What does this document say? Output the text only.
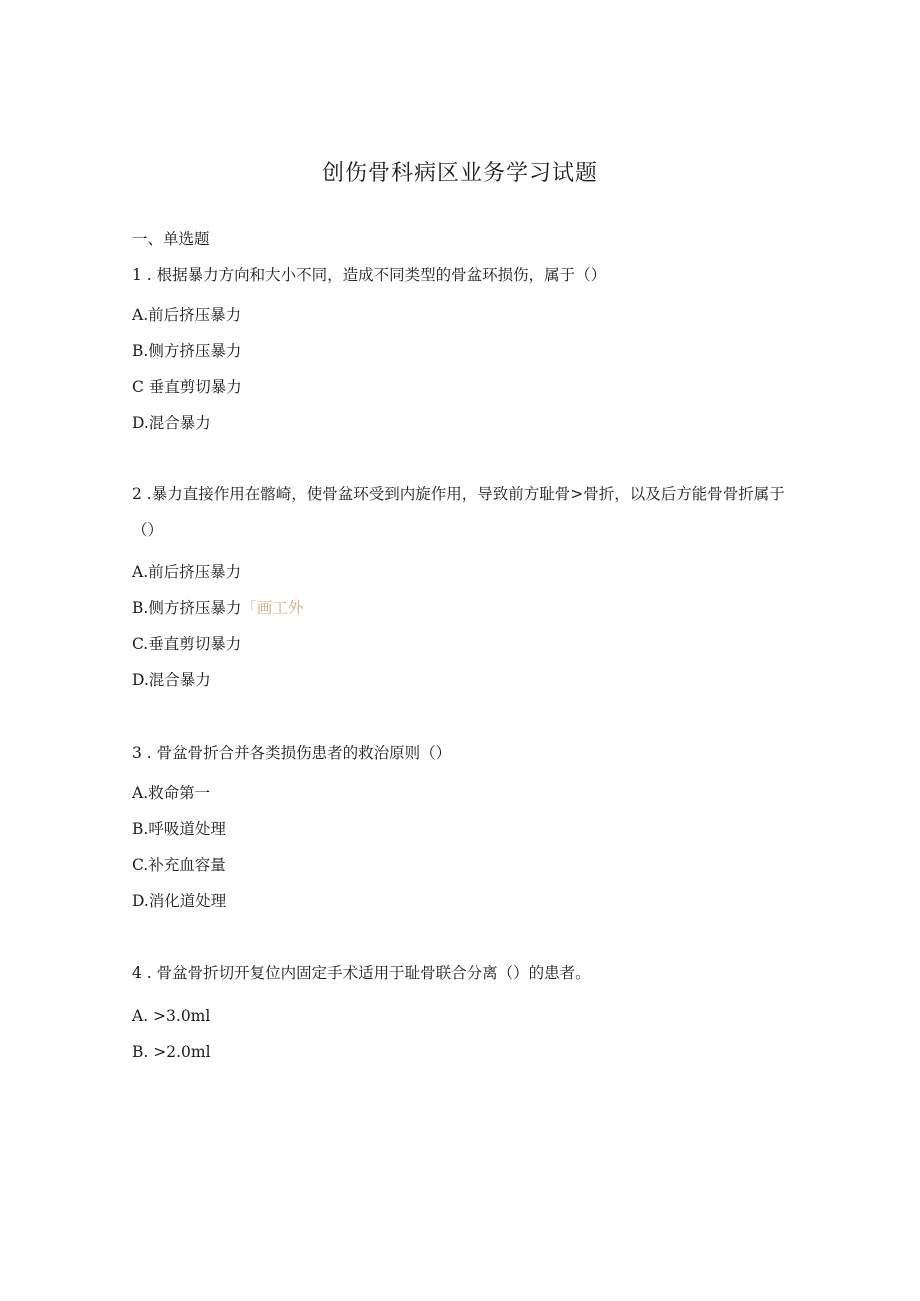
创伤骨科病区业务学习试题
一、单选题
1 . 根据暴力方向和大小不同，造成不同类型的骨盆环损伤，属于（）
A.前后挤压暴力
B.侧方挤压暴力
C 垂直剪切暴力
D.混合暴力
2 .暴力直接作用在髂崎，使骨盆环受到内旋作用，导致前方耻骨>骨折，以及后方能骨骨折属于（）
A.前后挤压暴力
B.侧方挤压暴力「画工外
C.垂直剪切暴力
D.混合暴力
3 . 骨盆骨折合并各类损伤患者的救治原则（）
A.救命第一
B.呼吸道处理
C.补充血容量
D.消化道处理
4 . 骨盆骨折切开复位内固定手术适用于耻骨联合分离（）的患者。
A. >3.0ml
B. >2.0ml
